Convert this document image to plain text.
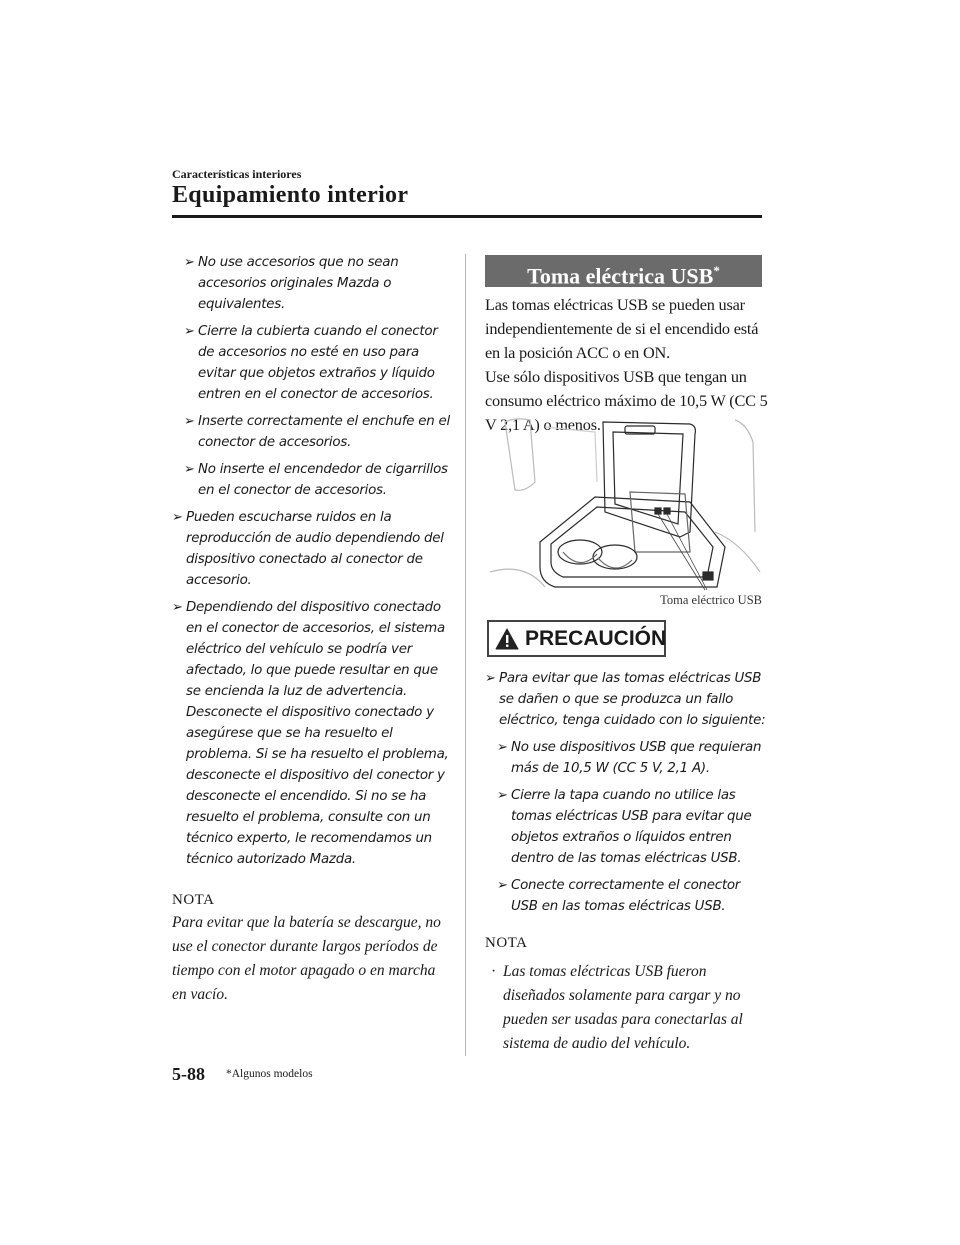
Características interiores
Equipamiento interior
➢ No use accesorios que no sean accesorios originales Mazda o equivalentes.
➢ Cierre la cubierta cuando el conector de accesorios no esté en uso para evitar que objetos extraños y líquido entren en el conector de accesorios.
➢ Inserte correctamente el enchufe en el conector de accesorios.
➢ No inserte el encendedor de cigarrillos en el conector de accesorios.
➢ Pueden escucharse ruidos en la reproducción de audio dependiendo del dispositivo conectado al conector de accesorio.
➢ Dependiendo del dispositivo conectado en el conector de accesorios, el sistema eléctrico del vehículo se podría ver afectado, lo que puede resultar en que se encienda la luz de advertencia. Desconecte el dispositivo conectado y asegúrese que se ha resuelto el problema. Si se ha resuelto el problema, desconecte el dispositivo del conector y desconecte el encendido. Si no se ha resuelto el problema, consulte con un técnico experto, le recomendamos un técnico autorizado Mazda.
NOTA
Para evitar que la batería se descargue, no use el conector durante largos períodos de tiempo con el motor apagado o en marcha en vacío.
Toma eléctrica USB*
Las tomas eléctricas USB se pueden usar independientemente de si el encendido está en la posición ACC o en ON.
Use sólo dispositivos USB que tengan un consumo eléctrico máximo de 10,5 W (CC 5 V 2,1 A) o menos.
Toma eléctrico USB
PRECAUCIÓN
➢ Para evitar que las tomas eléctricas USB se dañen o que se produzca un fallo eléctrico, tenga cuidado con lo siguiente:
➢ No use dispositivos USB que requieran más de 10,5 W (CC 5 V, 2,1 A).
➢ Cierre la tapa cuando no utilice las tomas eléctricas USB para evitar que objetos extraños o líquidos entren dentro de las tomas eléctricas USB.
➢ Conecte correctamente el conector USB en las tomas eléctricas USB.
NOTA
· Las tomas eléctricas USB fueron diseñados solamente para cargar y no pueden ser usadas para conectarlas al sistema de audio del vehículo.
5-88 *Algunos modelos
